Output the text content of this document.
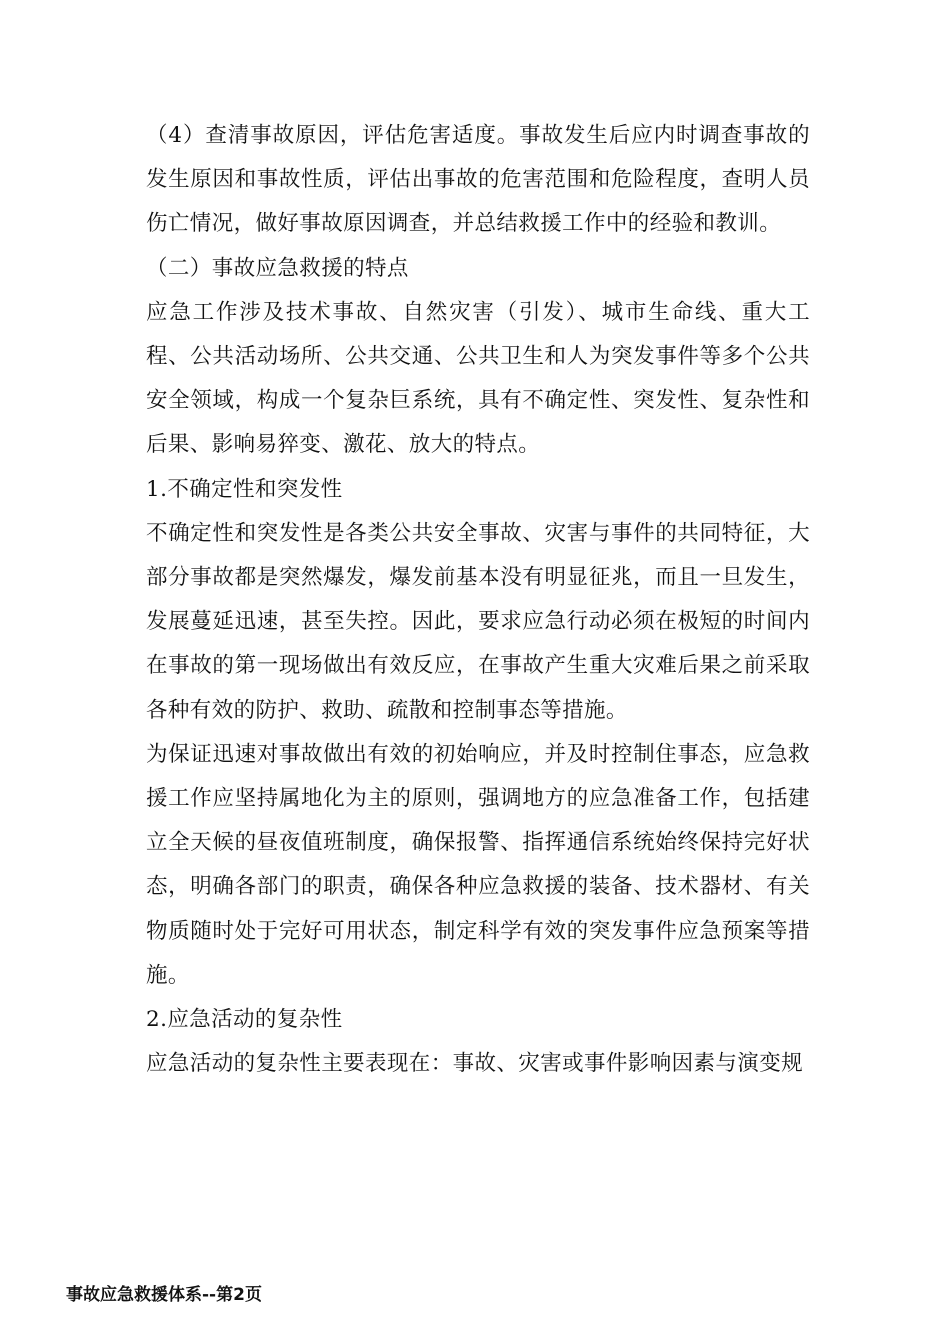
（4）查清事故原因，评估危害适度。事故发生后应内时调查事故的发生原因和事故性质，评估出事故的危害范围和危险程度，查明人员伤亡情况，做好事故原因调查，并总结救援工作中的经验和教训。

（二）事故应急救援的特点

应急工作涉及技术事故、自然灾害（引发）、城市生命线、重大工程、公共活动场所、公共交通、公共卫生和人为突发事件等多个公共安全领域，构成一个复杂巨系统，具有不确定性、突发性、复杂性和后果、影响易猝变、激花、放大的特点。

1.不确定性和突发性

不确定性和突发性是各类公共安全事故、灾害与事件的共同特征，大部分事故都是突然爆发，爆发前基本没有明显征兆，而且一旦发生，发展蔓延迅速，甚至失控。因此，要求应急行动必须在极短的时间内在事故的第一现场做出有效反应，在事故产生重大灾难后果之前采取各种有效的防护、救助、疏散和控制事态等措施。

为保证迅速对事故做出有效的初始响应，并及时控制住事态，应急救援工作应坚持属地化为主的原则，强调地方的应急准备工作，包括建立全天候的昼夜值班制度，确保报警、指挥通信系统始终保持完好状态，明确各部门的职责，确保各种应急救援的装备、技术器材、有关物质随时处于完好可用状态，制定科学有效的突发事件应急预案等措施。

2.应急活动的复杂性

应急活动的复杂性主要表现在：事故、灾害或事件影响因素与演变规

事故应急救援体系--第2页
